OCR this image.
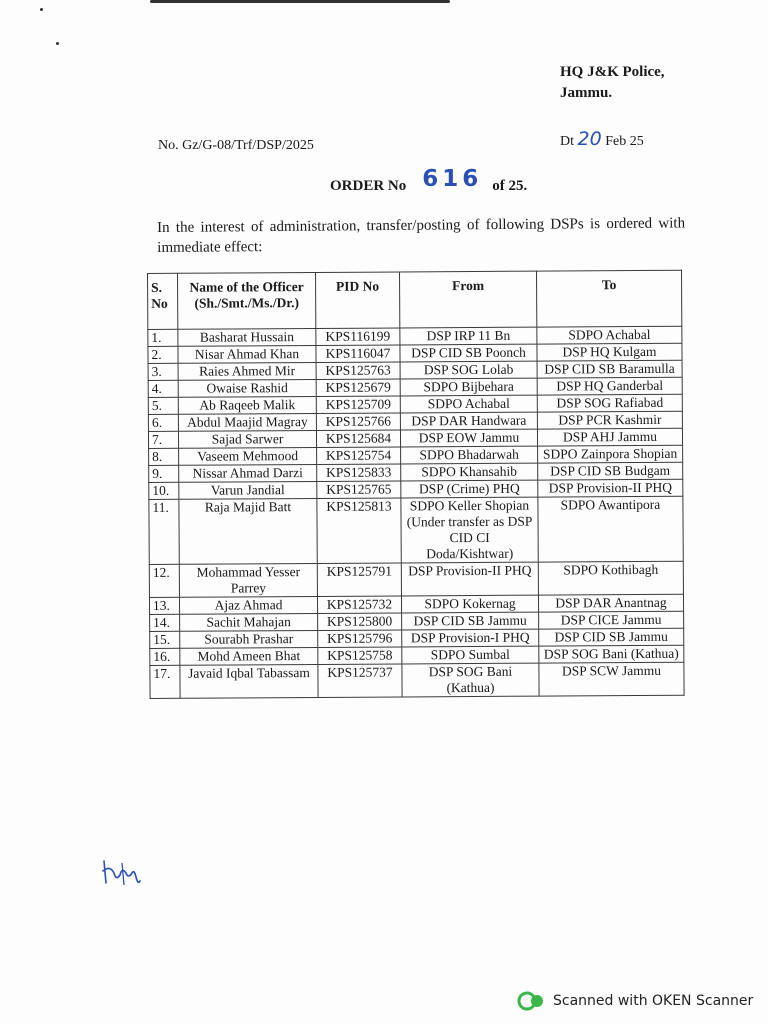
HQ J&K Police,
Jammu.
No. Gz/G-08/Trf/DSP/2025	Dt 20 Feb 25
ORDER No 616 of 25.
In the interest of administration, transfer/posting of following DSPs is ordered with immediate effect:
S. No	Name of the Officer (Sh./Smt./Ms./Dr.)	PID No	From	To
1.	Basharat Hussain	KPS116199	DSP IRP 11 Bn	SDPO Achabal
2.	Nisar Ahmad Khan	KPS116047	DSP CID SB Poonch	DSP HQ Kulgam
3.	Raies Ahmed Mir	KPS125763	DSP SOG Lolab	DSP CID SB Baramulla
4.	Owaise Rashid	KPS125679	SDPO Bijbehara	DSP HQ Ganderbal
5.	Ab Raqeeb Malik	KPS125709	SDPO Achabal	DSP SOG Rafiabad
6.	Abdul Maajid Magray	KPS125766	DSP DAR Handwara	DSP PCR Kashmir
7.	Sajad Sarwer	KPS125684	DSP EOW Jammu	DSP AHJ Jammu
8.	Vaseem Mehmood	KPS125754	SDPO Bhadarwah	SDPO Zainpora Shopian
9.	Nissar Ahmad Darzi	KPS125833	SDPO Khansahib	DSP CID SB Budgam
10.	Varun Jandial	KPS125765	DSP (Crime) PHQ	DSP Provision-II PHQ
11.	Raja Majid Batt	KPS125813	SDPO Keller Shopian (Under transfer as DSP CID CI Doda/Kishtwar)	SDPO Awantipora
12.	Mohammad Yesser Parrey	KPS125791	DSP Provision-II PHQ	SDPO Kothibagh
13.	Ajaz Ahmad	KPS125732	SDPO Kokernag	DSP DAR Anantnag
14.	Sachit Mahajan	KPS125800	DSP CID SB Jammu	DSP CICE Jammu
15.	Sourabh Prashar	KPS125796	DSP Provision-I PHQ	DSP CID SB Jammu
16.	Mohd Ameen Bhat	KPS125758	SDPO Sumbal	DSP SOG Bani (Kathua)
17.	Javaid Iqbal Tabassam	KPS125737	DSP SOG Bani (Kathua)	DSP SCW Jammu
Scanned with OKEN Scanner
